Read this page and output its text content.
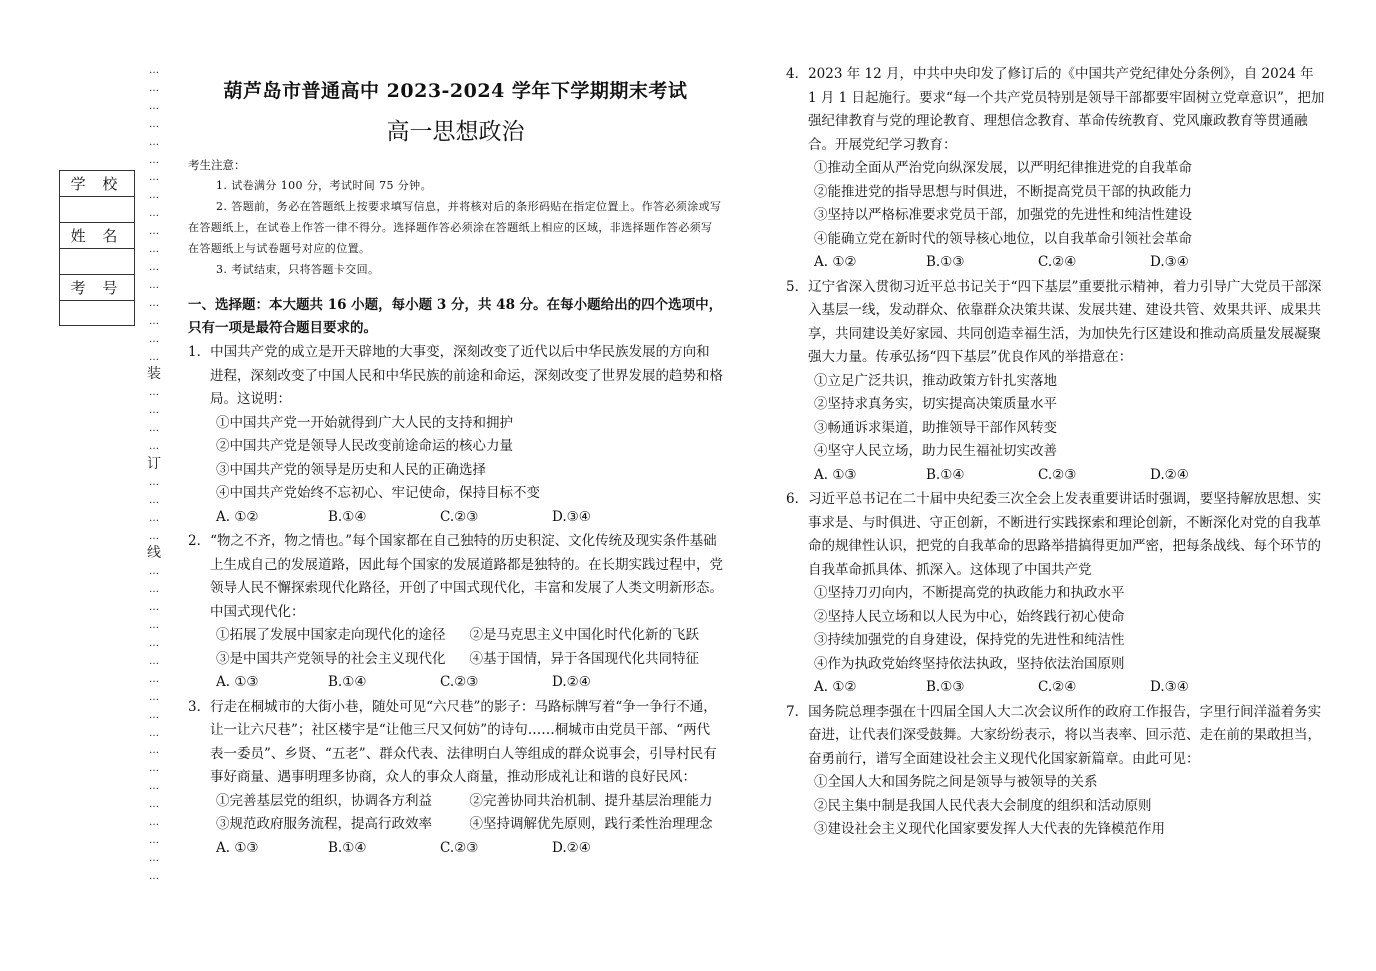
…
…
…
…
…
…
…
…
…
…
…
…
…
…
…
…
…
装
…
…
…
…
订
…
…
…
…
线
…
…
…
…
…
…
…
…
…
…
…
…
…
…
…
…
…
…
学 校
姓 名
考 号
葫芦岛市普通高中 2023-2024 学年下学期期末考试
高一思想政治
考生注意：
1. 试卷满分 100 分，考试时间 75 分钟。
2. 答题前，务必在答题纸上按要求填写信息，并将核对后的条形码贴在指定位置上。作答必须涂或写在答题纸上，在试卷上作答一律不得分。选择题作答必须涂在答题纸上相应的区域，非选择题作答必须写在答题纸上与试卷题号对应的位置。
3. 考试结束，只将答题卡交回。
一、选择题：本大题共 16 小题，每小题 3 分，共 48 分。在每小题给出的四个选项中，只有一项是最符合题目要求的。
1．中国共产党的成立是开天辟地的大事变，深刻改变了近代以后中华民族发展的方向和进程，深刻改变了中国人民和中华民族的前途和命运，深刻改变了世界发展的趋势和格局。这说明：
①中国共产党一开始就得到广大人民的支持和拥护
②中国共产党是领导人民改变前途命运的核心力量
③中国共产党的领导是历史和人民的正确选择
④中国共产党始终不忘初心、牢记使命，保持目标不变
A. ①②	B.①④	C.②③	D.③④
2．“物之不齐，物之情也。”每个国家都在自己独特的历史积淀、文化传统及现实条件基础上生成自己的发展道路，因此每个国家的发展道路都是独特的。在长期实践过程中，党领导人民不懈探索现代化路径，开创了中国式现代化，丰富和发展了人类文明新形态。中国式现代化：
①拓展了发展中国家走向现代化的途径	②是马克思主义中国化时代化新的飞跃
③是中国共产党领导的社会主义现代化	④基于国情，异于各国现代化共同特征
A. ①③	B.①④	C.②③	D.②④
3．行走在桐城市的大街小巷，随处可见“六尺巷”的影子：马路标牌写着“争一争行不通，让一让六尺巷”；社区楼宇是“让他三尺又何妨”的诗句……桐城市由党员干部、“两代表一委员”、乡贤、“五老”、群众代表、法律明白人等组成的群众说事会，引导村民有事好商量、遇事明理多协商，众人的事众人商量，推动形成礼让和谐的良好民风：
①完善基层党的组织，协调各方利益	②完善协同共治机制、提升基层治理能力
③规范政府服务流程，提高行政效率	④坚持调解优先原则，践行柔性治理理念
A. ①③	B.①④	C.②③	D.②④
4．2023 年 12 月，中共中央印发了修订后的《中国共产党纪律处分条例》，自 2024 年 1 月 1 日起施行。要求“每一个共产党员特别是领导干部都要牢固树立党章意识”，把加强纪律教育与党的理论教育、理想信念教育、革命传统教育、党风廉政教育等贯通融合。开展党纪学习教育：
①推动全面从严治党向纵深发展，以严明纪律推进党的自我革命
②能推进党的指导思想与时俱进，不断提高党员干部的执政能力
③坚持以严格标准要求党员干部，加强党的先进性和纯洁性建设
④能确立党在新时代的领导核心地位，以自我革命引领社会革命
A. ①②	B.①③	C.②④	D.③④
5．辽宁省深入贯彻习近平总书记关于“四下基层”重要批示精神，着力引导广大党员干部深入基层一线，发动群众、依靠群众决策共谋、发展共建、建设共管、效果共评、成果共享，共同建设美好家园、共同创造幸福生活，为加快先行区建设和推动高质量发展凝聚强大力量。传承弘扬“四下基层”优良作风的举措意在：
①立足广泛共识，推动政策方针扎实落地
②坚持求真务实，切实提高决策质量水平
③畅通诉求渠道，助推领导干部作风转变
④坚守人民立场，助力民生福祉切实改善
A. ①③	B.①④	C.②③	D.②④
6．习近平总书记在二十届中央纪委三次全会上发表重要讲话时强调，要坚持解放思想、实事求是、与时俱进、守正创新，不断进行实践探索和理论创新，不断深化对党的自我革命的规律性认识，把党的自我革命的思路举措搞得更加严密，把每条战线、每个环节的自我革命抓具体、抓深入。这体现了中国共产党
①坚持刀刃向内，不断提高党的执政能力和执政水平
②坚持人民立场和以人民为中心，始终践行初心使命
③持续加强党的自身建设，保持党的先进性和纯洁性
④作为执政党始终坚持依法执政，坚持依法治国原则
A. ①②	B.①③	C.②④	D.③④
7．国务院总理李强在十四届全国人大二次会议所作的政府工作报告，字里行间洋溢着务实奋进，让代表们深受鼓舞。大家纷纷表示，将以当表率、回示范、走在前的果敢担当，奋勇前行，谱写全面建设社会主义现代化国家新篇章。由此可见：
①全国人大和国务院之间是领导与被领导的关系
②民主集中制是我国人民代表大会制度的组织和活动原则
③建设社会主义现代化国家要发挥人大代表的先锋模范作用
